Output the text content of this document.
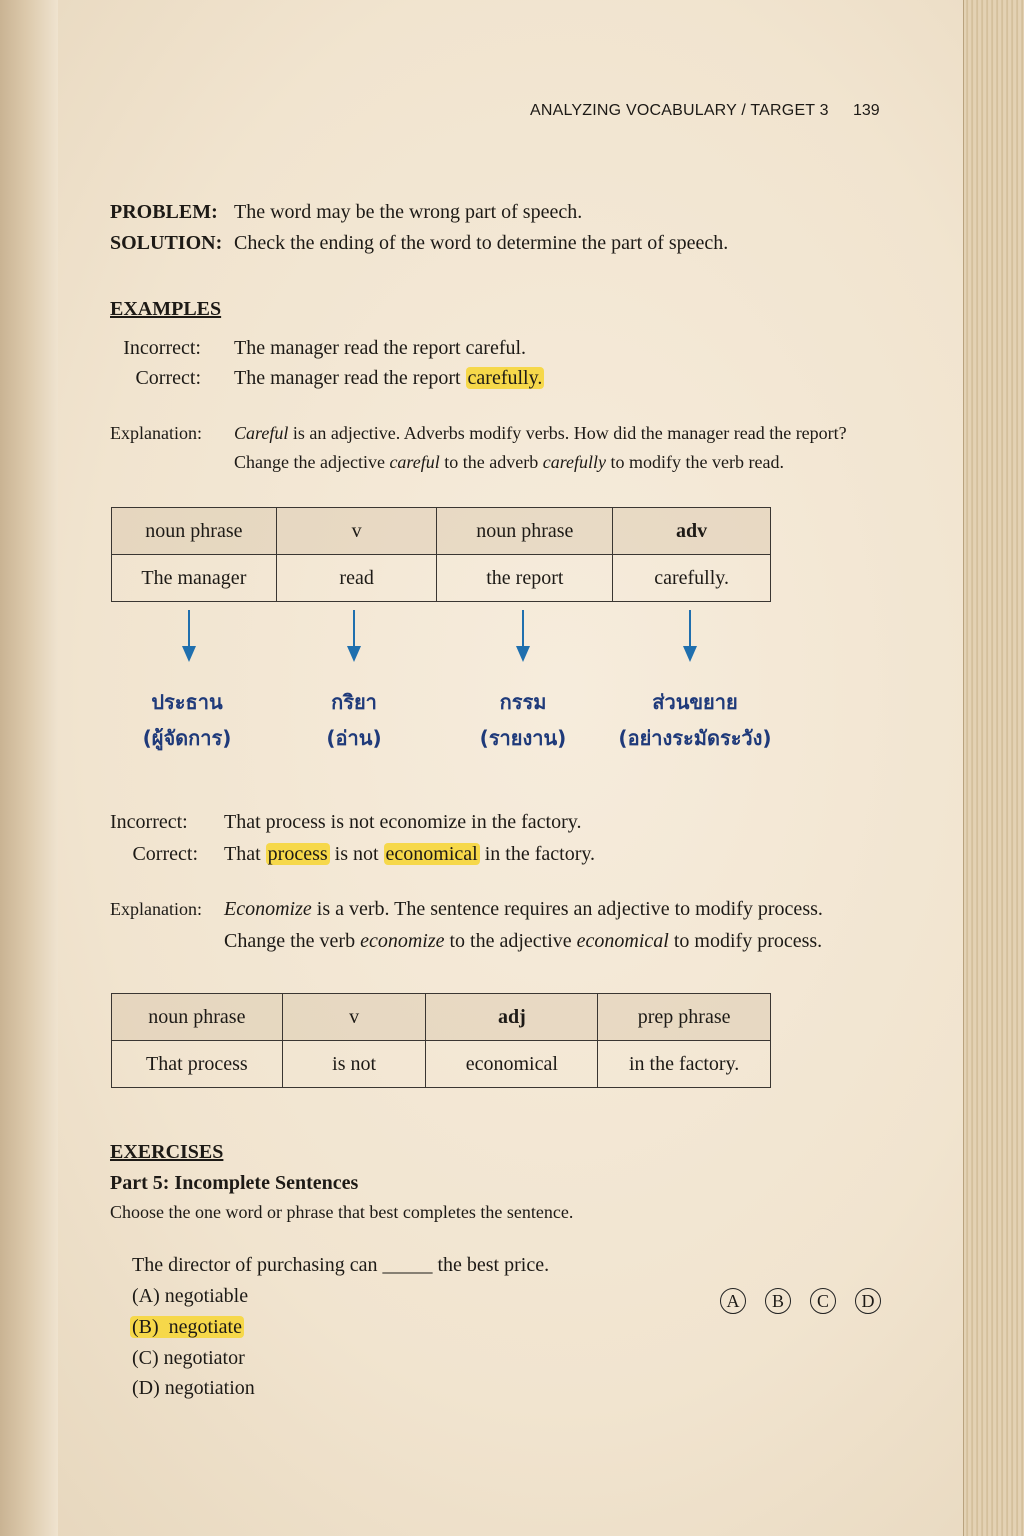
ANALYZING VOCABULARY / TARGET 3 139
PROBLEM: The word may be the wrong part of speech.
SOLUTION: Check the ending of the word to determine the part of speech.
EXAMPLES
Incorrect: The manager read the report careful.
Correct: The manager read the report carefully.
Explanation: Careful is an adjective. Adverbs modify verbs. How did the manager read the report?
Change the adjective careful to the adverb carefully to modify the verb read.
noun phrase	v	noun phrase	adv
The manager	read	the report	carefully.
ประธาน
(ผู้จัดการ)
กริยา
(อ่าน)
กรรม
(รายงาน)
ส่วนขยาย
(อย่างระมัดระวัง)
Incorrect: That process is not economize in the factory.
Correct: That process is not economical in the factory.
Explanation: Economize is a verb. The sentence requires an adjective to modify process.
Change the verb economize to the adjective economical to modify process.
noun phrase	v	adj	prep phrase
That process	is not	economical	in the factory.
EXERCISES
Part 5: Incomplete Sentences
Choose the one word or phrase that best completes the sentence.
The director of purchasing can _____ the best price.
(A) negotiable
(B)  negotiate
(C) negotiator
(D) negotiation
A	B	C	D
